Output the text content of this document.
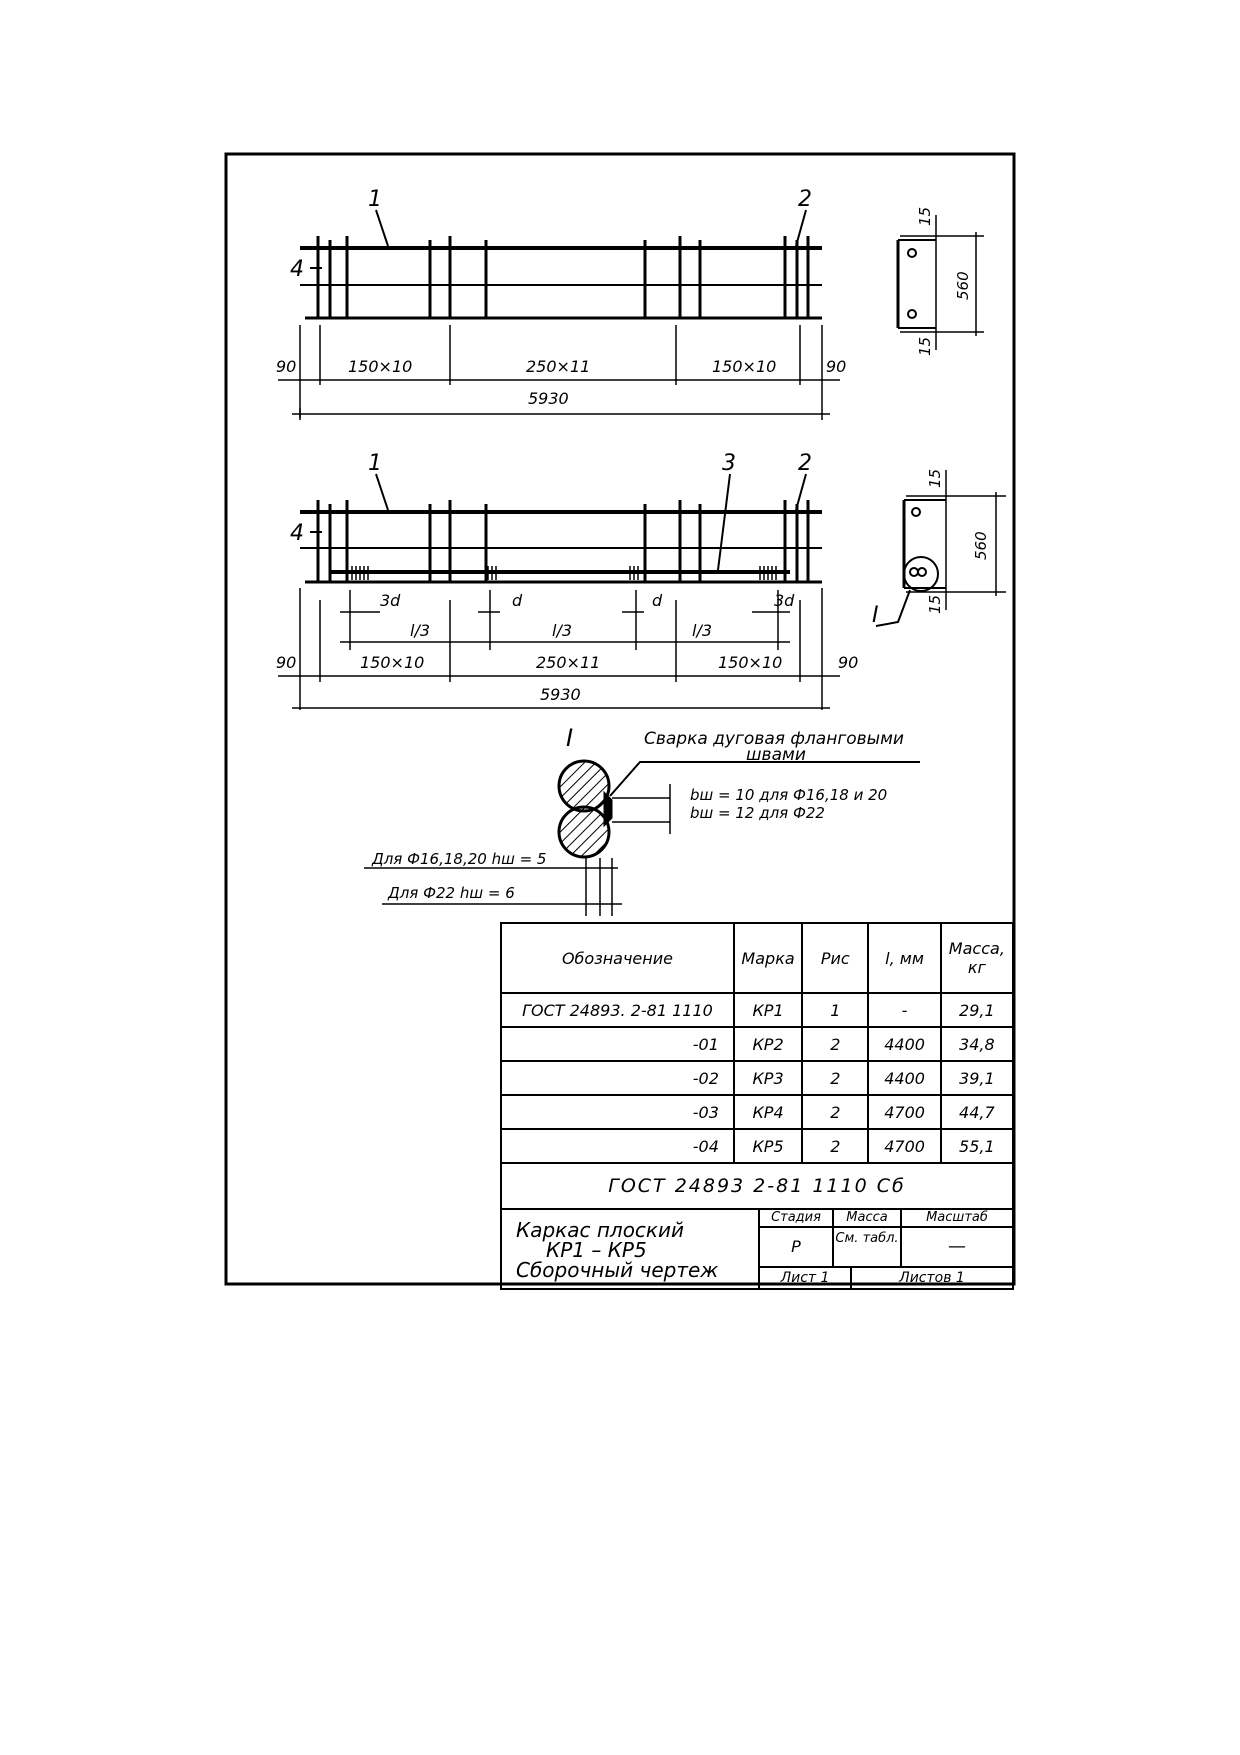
1	2
4
90	150×10	250×11	150×10	90
5930
15
560
15
1	3	2
4
3d	d	d	3d
l/3	l/3	l/3
90	150×10	250×11	150×10	90
5930
15
560
15
I
I	Сварка дуговая фланговыми
швами
bш = 10 для Ф16,18 и 20
bш = 12 для Ф22
Для Ф16,18,20 hш = 5
Для Ф22 hш = 6
Обозначение	Марка	Рис	l, мм	Масса, кг
ГОСТ 24893. 2-81 1110	КР1	1	-	29,1
-01	КР2	2	4400	34,8
-02	КР3	2	4400	39,1
-03	КР4	2	4700	44,7
-04	КР5	2	4700	55,1
ГОСТ 24893 2-81 1110 Сб
Каркас плоский
КР1 – КР5
Сборочный чертеж
Стадия	Масса	Масштаб
Р	См. табл.	—
Лист 1	Листов 1
